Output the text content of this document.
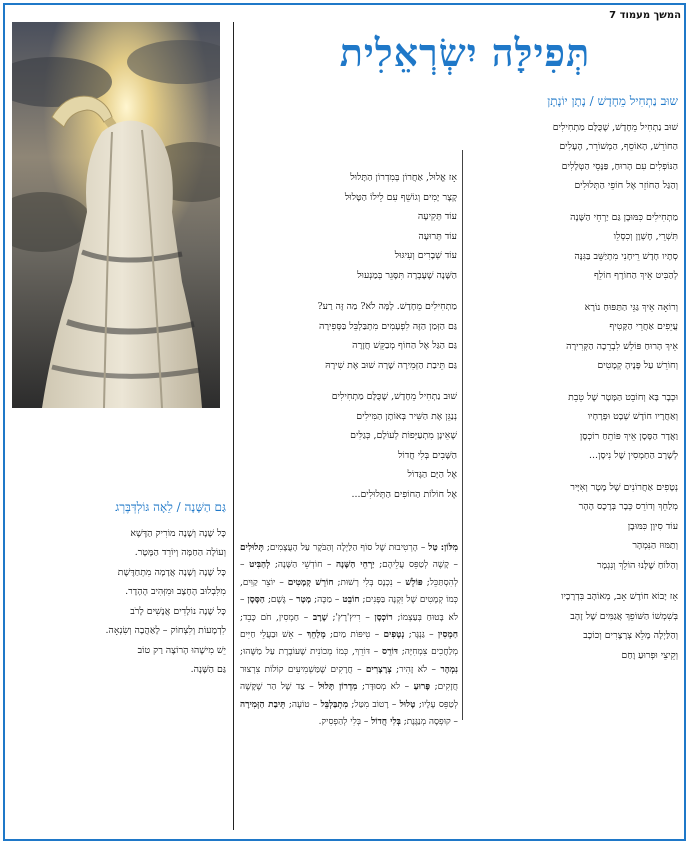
המשך מעמוד 7
תְּפִילָּה יִשְׂרְאֵלִית
שוּב נַתְחִיל מֵחָדָשׁ / נָתָן יוֹנָתָן
שׁוּב נַתְחִיל מֵחָדָשׁ, שֶׁכֻּלָּם מַתְחִילִים
הַחוֹרֵשׁ, הָאוֹסֵף, הַמְשׁוֹרֵר, הֶעָלִים
הַנּוֹפְלִים עִם הָרוּחַ, פַּנָּסֵי הַטְּלָלִים
וְהַגַּל הַחוֹזֵר אֶל חוֹפֵי הַתְּלוּלִים
מַתְחִילִים כִּמּוּבָן גַּם יַרְחֵי הַשָּׁנָה
תִּשְׁרֵי, חֶשְׁוָן וְכִסְלֵו
סְתָיו חָדָשׁ רֵיחָנִי מִתְיַשֵּׁב בַּגִּנָּה
לְהַבִּיט אֵיךְ הַחוֹרֶף חוֹלֵף
וְרוֹאָה אֵיךְ גַּגֵּי הַתַּפּוּחַ נוֹרָא
עֲיֵפִים אַחֲרֵי הַקָּטִיף
אֵיךְ הָרוּחַ פּוֹלֵשׁ לִבְרֵכָה הַקְּרִירָה
וְחוֹרֵשׁ עַל פָּנֶיהָ קְמָטִים
וּכְבָר בָּא וְחוֹבֵט הַמָּטָר שֶׁל טֵבֵת
וְאַחֲרָיו חוֹדֶשׁ שְׁבָט וּפְרָחָיו
וַאֲדָר הַסָּסָן אֵיךְ פּוֹתֵחַ רוֹכְסָן
לְשָׁרָב הַחַמְסִין שֶׁל נִיסָן...
נְטָפִים אַחֲרוֹנִים שֶׁל מָטָר וְאִיָּיר
מְלַחֵךְ וְדוֹרֵס כְּבָר בְּרֶכֶס הָהָר
עוֹד סִיוָן כִּמּוּבָן
וְתַמּוּז הַנִּמְהָר
וְהַלּוֹחַ שֶׁלָּנוּ הוֹלֵךְ וְנִגְמָר
אָז יָבוֹא חוֹדֶשׁ אָב, מְאוֹהָב בִּדְרָכָיו
בְּשִׁמְשׁוֹ הַשּׁוֹפֵךְ אֲגַמִּים שֶׁל זָהָב
וְהַלַּיְלָה מָלֵא צְרָצָרִים וְכוֹכָב
וְקֵיצֵי וּפְרוּעַ וָחַם
אָז אֱלוּל, אַחֲרוֹן בְּמִדְרוֹן הַתָּלוּל
קָצָר יָמִים וְגוֹשֵׁף עִם לֵילוֹ הַטָּלוּל
עוֹד תְּקִיעָה
עוֹד תְּרוּעָה
עוֹד שְׁבָרִים וְעִיגּוּל
הַשָּׁנָה שֶׁעָבְרָה תִּסָּגֵר בְּמַנְעוּל
מַתְחִילִים מֵחָדָשׁ. לָמָּה לֹא? מַה זֶּה רַע?
גַּם הַזְּמַן הַזֶּה לִפְעָמִים מִתְבַּלְבֵּל בַּסְּפִירָה
גַּם הַגַּל אֶל הַחוֹף מְבַקֵּשׁ חֲזָרָה
גַּם תֵּיבַת הַזְּמִירָה שָׁרָה שׁוּב אֶת שִׁירָהּ
שׁוּב נַתְחִיל מֵחָדָשׁ, שֶׁכֻּלָּם מַתְחִילִים
נְנַגֵּן אֶת הַשִּׁיר בְּאוֹתָן הַמִּילִים
שֶׁאֵינָן מִתְעַיְּפוֹת לְעוֹלָם, כְּגַלִּים
הַשָּׁבִים בְּלִי חֲדוֹל
אֶל הַיָּם הַגָּדוֹל
אֶל חוֹלוֹת הַחוֹפִים הַתְּלוּלִים...
מִלּוֹן: טַל – הָרְטִיבוּת שֶׁל סוֹף הַלַּיְלָה וְהַבֹּקֶר עַל הָעֲצָמִים; תְּלוּלִים – קָשֶׁה לְטַפֵּס עֲלֵיהֶם; יַרְחֵי הַשָּׁנָה – חוֹדְשֵׁי הַשָּׁנָה; לְהַבִּיט – לְהִסְתַּכֵּל; פּוֹלֵשׁ – נִכְנָס בְּלִי רְשׁוּת; חוֹרֵשׁ קְמָטִים – יוֹצֵר קַוִּים, כְּמוֹ קְמָטִים שֶׁל זִקְנָה בַּפָּנִים; חוֹבֵט – מַכֶּה; מָטָר – גֶּשֶׁם; הַסָּסָן – לֹא בָּטוּחַ בְּעַצְמוֹ; רוֹכְסָן – רִיץ'רָץ'; שָׁרָב – חַמְסִין, חֹם כָּבֵד; חַמְסִין – גַּנְגָּר; נְטָפִים – טִיפּוֹת מַיִם; מְלַחֵךְ – אֵשׁ וּבַעֲלֵי חַיִּים מְלַחֲכִים צִמְחִיָּה; דּוֹרֵס – דּוֹרֵךְ, כְּמוֹ מְכוֹנִית שֶׁעוֹבֶרֶת עַל מַשֶּׁהוּ; נִמְהָר – לֹא זָהִיר; צְרָצָרִים – חֲרָקִים שֶׁמַּשְׁמִיעִים קוֹלוֹת צִרְצוּר חֲזָקִים; פָּרוּעַ – לֹא מְסוּדָּר; מִדְרוֹן תָּלוּל – צַד שֶׁל הַר שֶׁקָּשֶׁה לְטַפֵּס עָלָיו; טָלוּל – רָטוֹב מִטַּל; מִתְבַּלְבֵּל – טוֹעֶה; תֵּיבַת הַזְּמִירָה – קוּפְסָה מְנַגֶּנֶת; בְּלִי חֲדוֹל – בְּלִי לְהַפְסִיק.
גַּם הַשָּׁנָה / לֵאָה גּוֹלְדְּבֶּרְג
כָּל שָׁנָה וְשָׁנָה מוֹרִיק הַדֶּשֶׁא
וְעוֹלָה הַחַמָּה וְיוֹרֵד הַמָּטָר.
כָּל שָׁנָה וְשָׁנָה אֲדָמָה מִתְחַדֶּשֶׁת
מִלִּבְלוּב הֶחָצָב וּמִזְּהִיב הֶהָדָר.
כָּל שָׁנָה נוֹלָדִים אֲנָשִׁים לָרֹב
לִדְמָעוֹת וְלִצְחוֹק – לָאַהֲבָה וְשִׂנְאָה.
יֵשׁ מִישֶׁהוּ הָרוֹצֶה רַק טוֹב
גַּם הַשָּׁנָה.
